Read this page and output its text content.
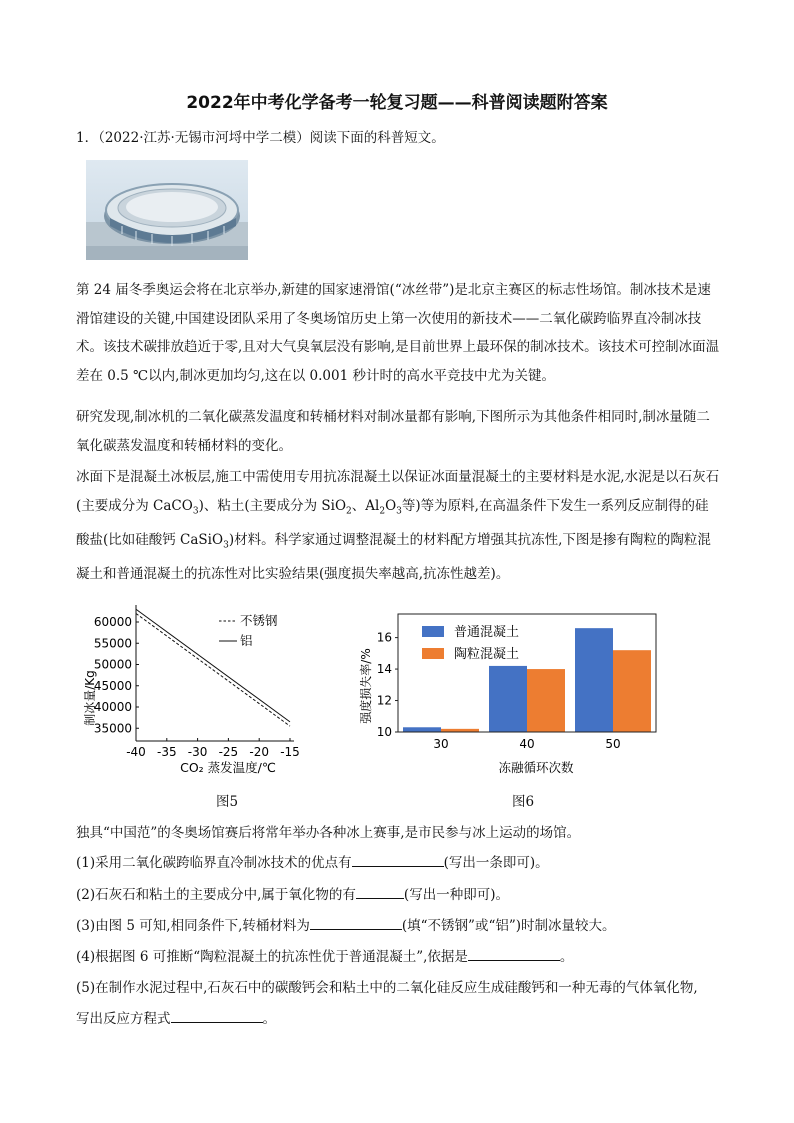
2022年中考化学备考一轮复习题——科普阅读题附答案
1．（2022·江苏·无锡市河埒中学二模）阅读下面的科普短文。
第 24 届冬季奥运会将在北京举办,新建的国家速滑馆(“冰丝带”)是北京主赛区的标志性场馆。制冰技术是速滑馆建设的关键,中国建设团队采用了冬奥场馆历史上第一次使用的新技术——二氧化碳跨临界直冷制冰技术。该技术碳排放趋近于零,且对大气臭氧层没有影响,是目前世界上最环保的制冰技术。该技术可控制冰面温差在 0.5 ℃以内,制冰更加均匀,这在以 0.001 秒计时的高水平竞技中尤为关键。
研究发现,制冰机的二氧化碳蒸发温度和转桶材料对制冰量都有影响,下图所示为其他条件相同时,制冰量随二氧化碳蒸发温度和转桶材料的变化。
冰面下是混凝土冰板层,施工中需使用专用抗冻混凝土以保证冰面量混凝土的主要材料是水泥,水泥是以石灰石(主要成分为 CaCO$_3$)、粘土(主要成分为 SiO$_2$、$Al_2O_3$等)等为原料,在高温条件下发生一系列反应制得的硅酸盐(比如硅酸钙 CaSiO$_3$)材料。科学家通过调整混凝土的材料配方增强其抗冻性,下图是掺有陶粒的陶粒混凝土和普通混凝土的抗冻性对比实验结果(强度损失率越高,抗冻性越差)。
60000
55000
50000
45000
40000
35000
-40 -35 -30 -25 -20 -15
制冰量/Kg
CO₂ 蒸发温度/℃
不锈钢
铝
图5
16
14
12
10
30	40	50
强度损失率/%
冻融循环次数
普通混凝土
陶粒混凝土
图6
独具“中国范”的冬奥场馆赛后将常年举办各种冰上赛事,是市民参与冰上运动的场馆。
(1)采用二氧化碳跨临界直冷制冰技术的优点有	(写出一条即可)。
(2)石灰石和粘土的主要成分中,属于氧化物的有	(写出一种即可)。
(3)由图 5 可知,相同条件下,转桶材料为	(填“不锈钢”或“铝”)时制冰量较大。
(4)根据图 6 可推断“陶粒混凝土的抗冻性优于普通混凝土”,依据是	。
(5)在制作水泥过程中,石灰石中的碳酸钙会和粘土中的二氧化硅反应生成硅酸钙和一种无毒的气体氧化物,
写出反应方程式	。
